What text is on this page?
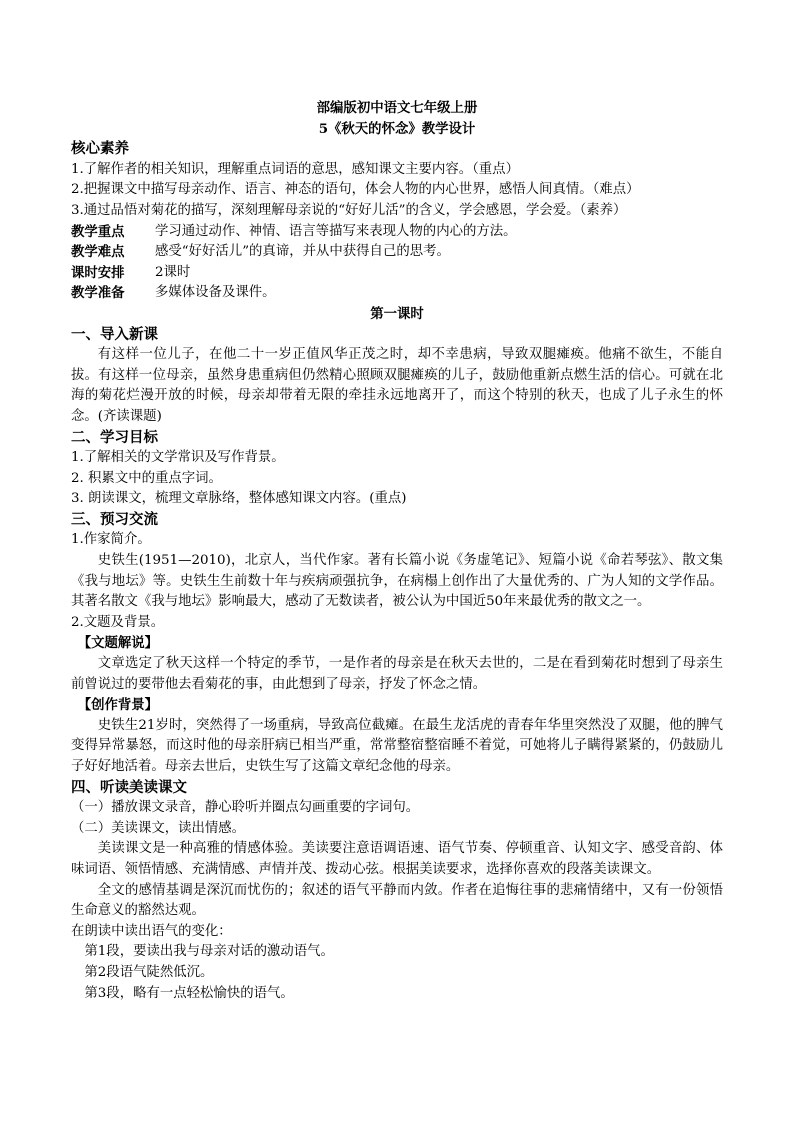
部编版初中语文七年级上册
5《秋天的怀念》教学设计
核心素养
1.了解作者的相关知识，理解重点词语的意思，感知课文主要内容。（重点）
2.把握课文中描写母亲动作、语言、神态的语句，体会人物的内心世界，感悟人间真情。（难点）
3.通过品悟对菊花的描写，深刻理解母亲说的“好好儿活”的含义，学会感恩，学会爱。（素养）
教学重点	学习通过动作、神情、语言等描写来表现人物的内心的方法。
教学难点	感受“好好活儿”的真谛，并从中获得自己的思考。
课时安排	2课时
教学准备	多媒体设备及课件。
第一课时
一、导入新课
有这样一位儿子，在他二十一岁正值风华正茂之时，却不幸患病，导致双腿瘫痪。他痛不欲生，不能自拔。有这样一位母亲，虽然身患重病但仍然精心照顾双腿瘫痪的儿子，鼓励他重新点燃生活的信心。可就在北海的菊花烂漫开放的时候，母亲却带着无限的牵挂永远地离开了，而这个特别的秋天，也成了儿子永生的怀念。(齐读课题)
二、学习目标
1.了解相关的文学常识及写作背景。
2. 积累文中的重点字词。
3. 朗读课文，梳理文章脉络，整体感知课文内容。(重点)
三、预习交流
1.作家简介。
史铁生(1951—2010)，北京人，当代作家。著有长篇小说《务虚笔记》、短篇小说《命若琴弦》、散文集《我与地坛》等。史铁生生前数十年与疾病顽强抗争，在病榻上创作出了大量优秀的、广为人知的文学作品。其著名散文《我与地坛》影响最大，感动了无数读者，被公认为中国近50年来最优秀的散文之一。
2.文题及背景。
【文题解说】
文章选定了秋天这样一个特定的季节，一是作者的母亲是在秋天去世的，二是在看到菊花时想到了母亲生前曾说过的要带他去看菊花的事，由此想到了母亲，抒发了怀念之情。
【创作背景】
史铁生21岁时，突然得了一场重病，导致高位截瘫。在最生龙活虎的青春年华里突然没了双腿，他的脾气变得异常暴怒，而这时他的母亲肝病已相当严重，常常整宿整宿睡不着觉，可她将儿子瞒得紧紧的，仍鼓励儿子好好地活着。母亲去世后，史铁生写了这篇文章纪念他的母亲。
四、听读美读课文
（一）播放课文录音，静心聆听并圈点勾画重要的字词句。
（二）美读课文，读出情感。
美读课文是一种高雅的情感体验。美读要注意语调语速、语气节奏、停顿重音、认知文字、感受音韵、体味词语、领悟情感、充满情感、声情并茂、拨动心弦。根据美读要求，选择你喜欢的段落美读课文。
全文的感情基调是深沉而忧伤的；叙述的语气平静而内敛。作者在追悔往事的悲痛情绪中，又有一份领悟生命意义的豁然达观。
在朗读中读出语气的变化：
第1段，要读出我与母亲对话的激动语气。
第2段语气陡然低沉。
第3段，略有一点轻松愉快的语气。
